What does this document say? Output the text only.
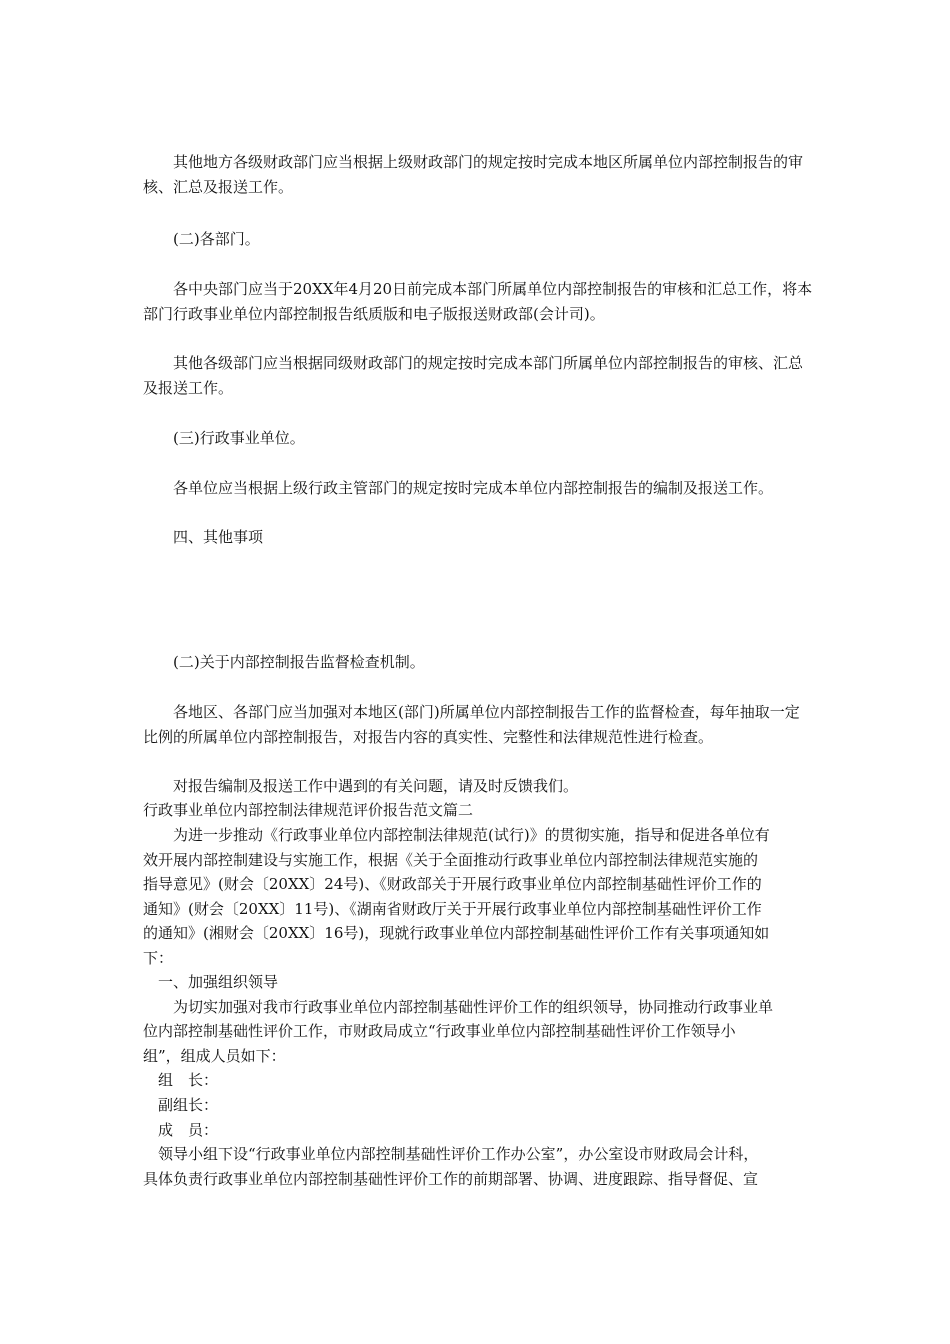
其他地方各级财政部门应当根据上级财政部门的规定按时完成本地区所属单位内部控制报告的审核、汇总及报送工作。

(二)各部门。

各中央部门应当于20XX年4月20日前完成本部门所属单位内部控制报告的审核和汇总工作，将本部门行政事业单位内部控制报告纸质版和电子版报送财政部(会计司)。

其他各级部门应当根据同级财政部门的规定按时完成本部门所属单位内部控制报告的审核、汇总及报送工作。

(三)行政事业单位。

各单位应当根据上级行政主管部门的规定按时完成本单位内部控制报告的编制及报送工作。

四、其他事项

(二)关于内部控制报告监督检查机制。

各地区、各部门应当加强对本地区(部门)所属单位内部控制报告工作的监督检查，每年抽取一定比例的所属单位内部控制报告，对报告内容的真实性、完整性和法律规范性进行检查。

对报告编制及报送工作中遇到的有关问题，请及时反馈我们。

行政事业单位内部控制法律规范评价报告范文篇二

为进一步推动《行政事业单位内部控制法律规范(试行)》的贯彻实施，指导和促进各单位有
效开展内部控制建设与实施工作，根据《关于全面推动行政事业单位内部控制法律规范实施的
指导意见》(财会〔20XX〕24号)、《财政部关于开展行政事业单位内部控制基础性评价工作的
通知》(财会〔20XX〕11号)、《湖南省财政厅关于开展行政事业单位内部控制基础性评价工作
的通知》(湘财会〔20XX〕16号)，现就行政事业单位内部控制基础性评价工作有关事项通知如
下：
一、加强组织领导
为切实加强对我市行政事业单位内部控制基础性评价工作的组织领导，协同推动行政事业单
位内部控制基础性评价工作，市财政局成立“行政事业单位内部控制基础性评价工作领导小
组”，组成人员如下：
组　长：
副组长：
成　员：
领导小组下设“行政事业单位内部控制基础性评价工作办公室”，办公室设市财政局会计科，
具体负责行政事业单位内部控制基础性评价工作的前期部署、协调、进度跟踪、指导督促、宣
